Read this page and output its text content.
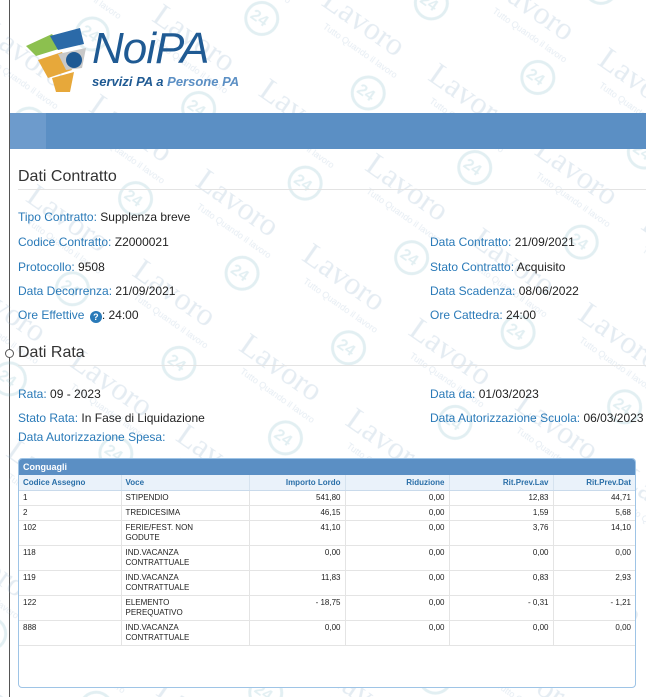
NoiPA
servizi PA a Persone PA
Dati Contratto
Tipo Contratto: Supplenza breve
Codice Contratto: Z2000021	Data Contratto: 21/09/2021
Protocollo: 9508	Stato Contratto: Acquisito
Data Decorrenza: 21/09/2021	Data Scadenza: 08/06/2022
Ore Effettive ? : 24:00	Ore Cattedra: 24:00
Dati Rata
Rata: 09 - 2023	Data da: 01/03/2023
Stato Rata: In Fase di Liquidazione	Data Autorizzazione Scuola: 06/03/2023
Data Autorizzazione Spesa:
Conguagli
Codice Assegno	Voce	Importo Lordo	Riduzione	Rit.Prev.Lav	Rit.Prev.Dat
1	STIPENDIO	541,80	0,00	12,83	44,71
2	TREDICESIMA	46,15	0,00	1,59	5,68
102	FERIE/FEST. NON
GODUTE	41,10	0,00	3,76	14,10
118	IND.VACANZA
CONTRATTUALE	0,00	0,00	0,00	0,00
119	IND.VACANZA
CONTRATTUALE	11,83	0,00	0,83	2,93
122	ELEMENTO
PEREQUATIVO	- 18,75	0,00	- 0,31	- 1,21
888	IND.VACANZA
CONTRATTUALE	0,00	0,00	0,00	0,00
